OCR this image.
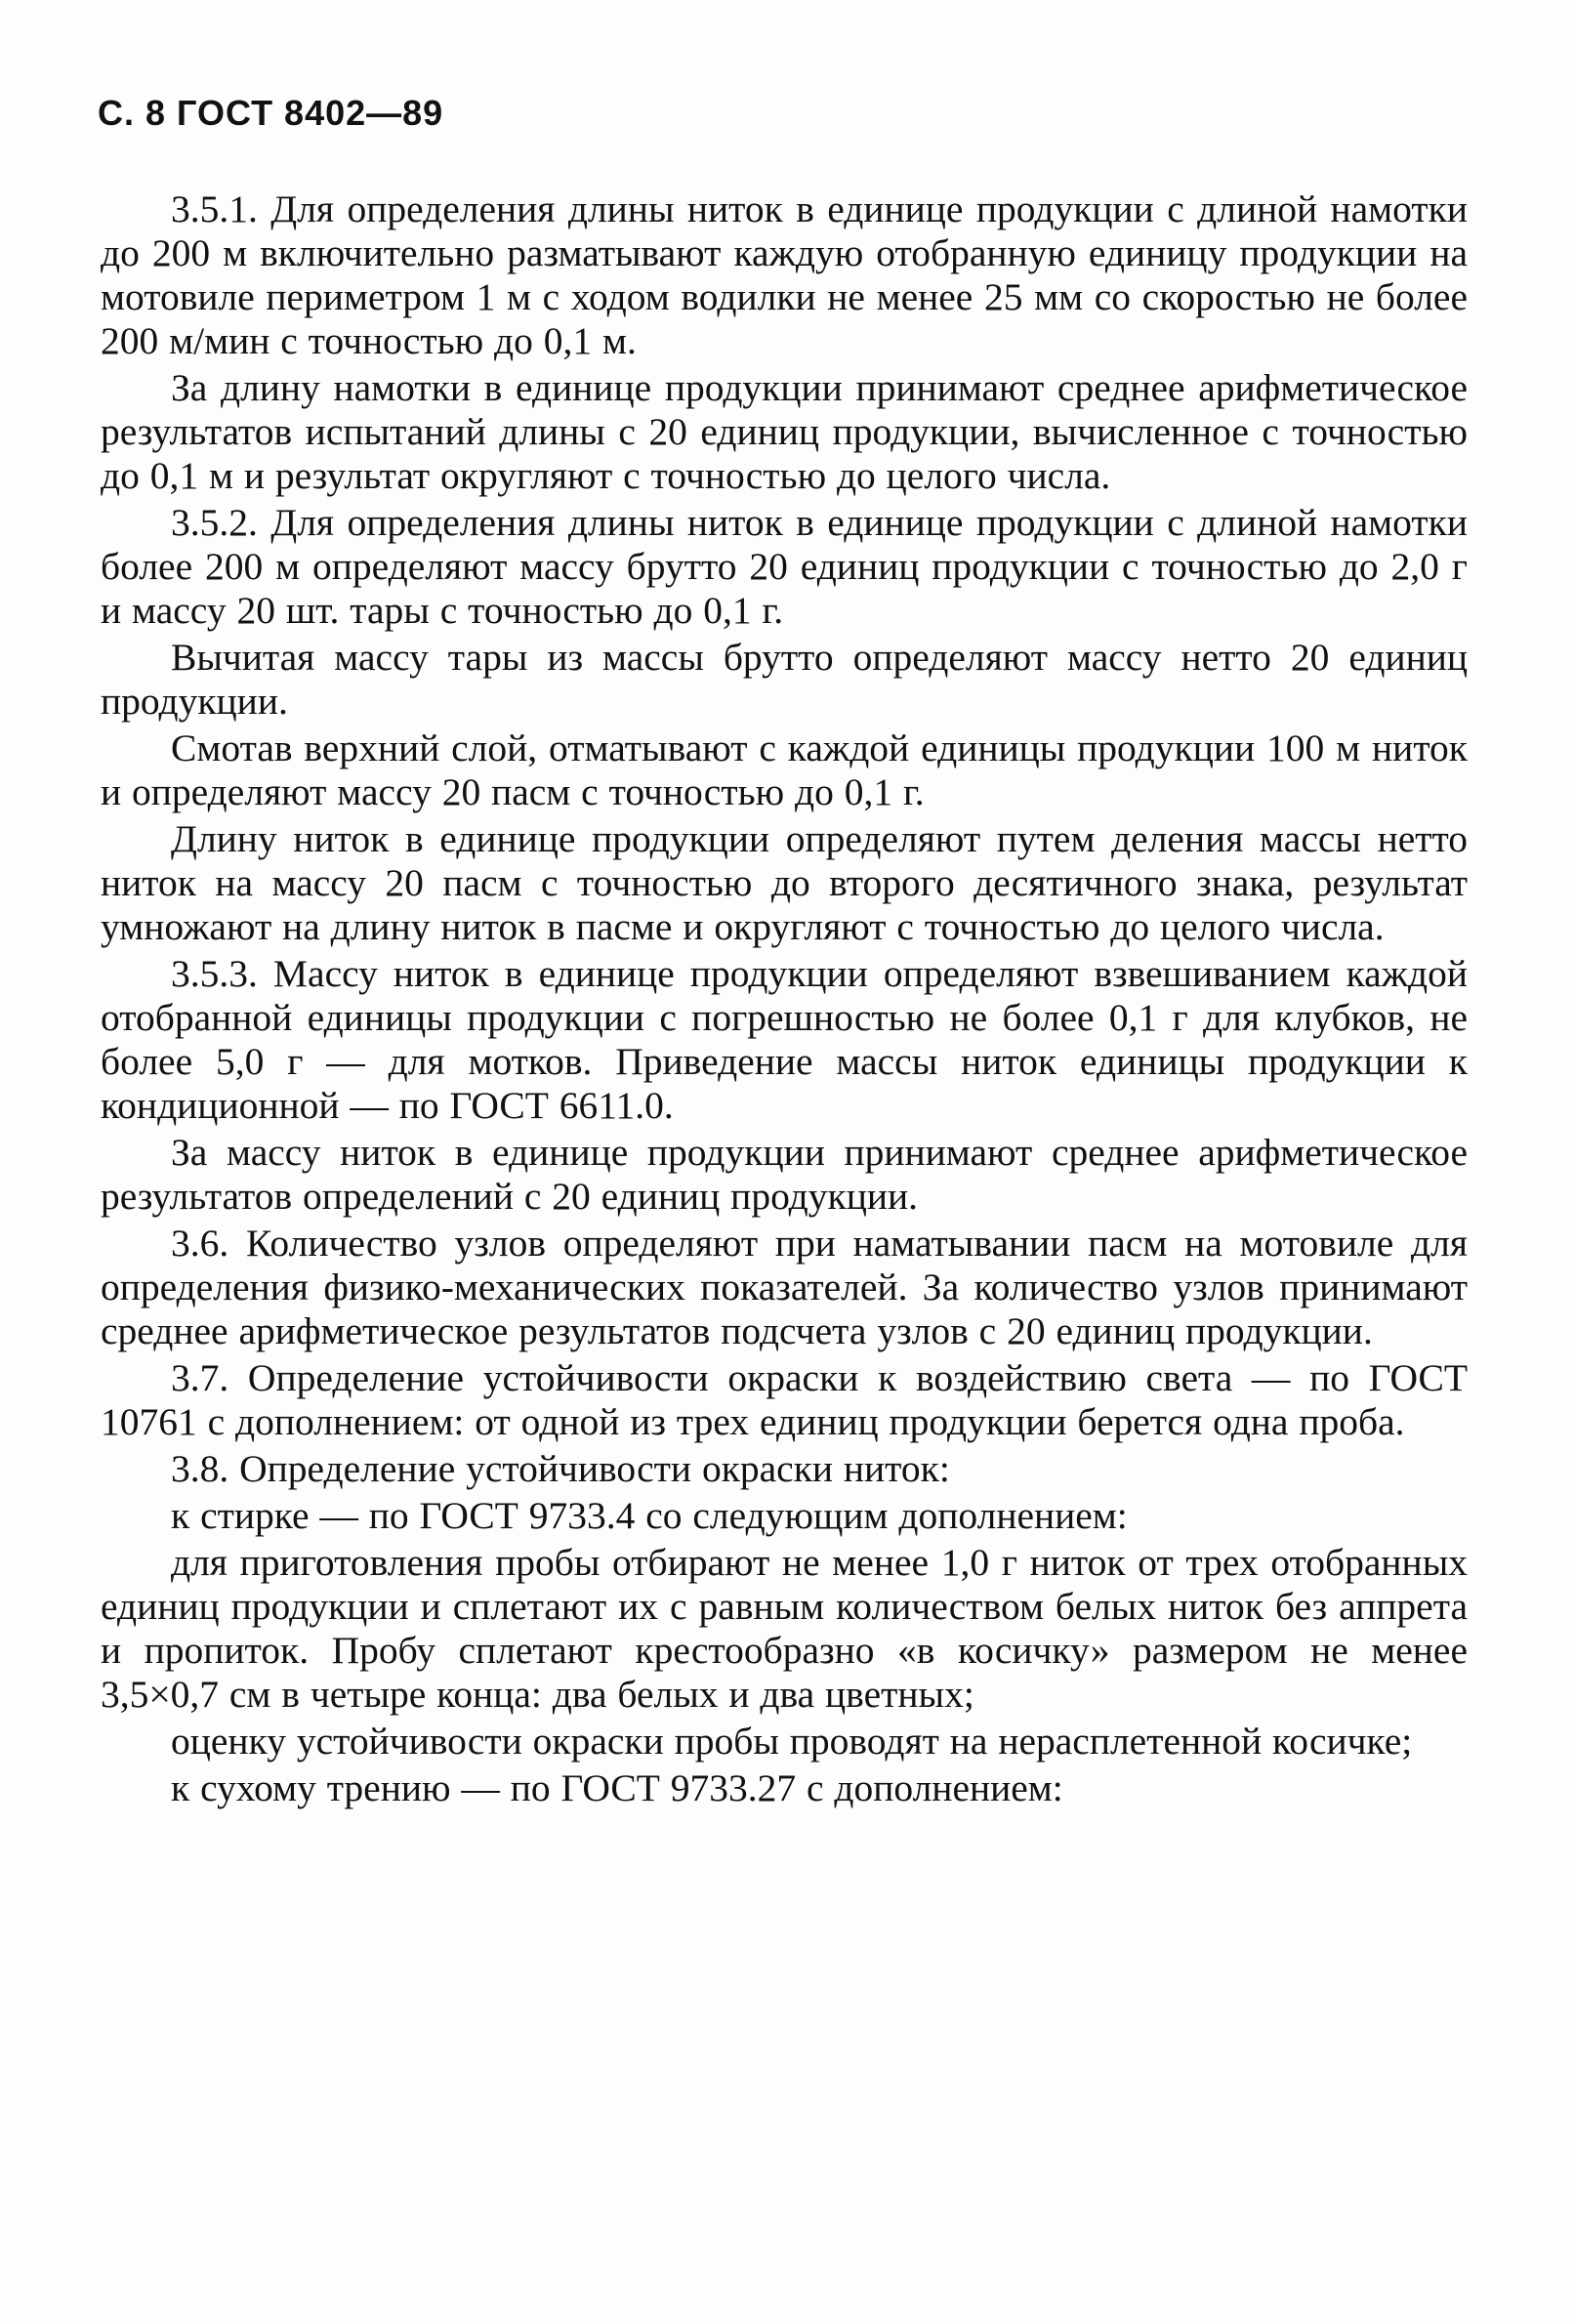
С. 8 ГОСТ 8402—89

3.5.1. Для определения длины ниток в единице продукции с длиной намотки до 200 м включительно разматывают каждую отобранную единицу продукции на мотовиле периметром 1 м с ходом водилки не менее 25 мм со скоростью не более 200 м/мин с точностью до 0,1 м.

За длину намотки в единице продукции принимают среднее арифметическое результатов испытаний длины с 20 единиц продукции, вычисленное с точностью до 0,1 м и результат округляют с точностью до целого числа.

3.5.2. Для определения длины ниток в единице продукции с длиной намотки более 200 м определяют массу брутто 20 единиц продукции с точностью до 2,0 г и массу 20 шт. тары с точностью до 0,1 г.

Вычитая массу тары из массы брутто определяют массу нетто 20 единиц продукции.

Смотав верхний слой, отматывают с каждой единицы продукции 100 м ниток и определяют массу 20 пасм с точностью до 0,1 г.

Длину ниток в единице продукции определяют путем деления массы нетто ниток на массу 20 пасм с точностью до второго десятичного знака, результат умножают на длину ниток в пасме и округляют с точностью до целого числа.

3.5.3. Массу ниток в единице продукции определяют взвешиванием каждой отобранной единицы продукции с погрешностью не более 0,1 г для клубков, не более 5,0 г — для мотков. Приведение массы ниток единицы продукции к кондиционной — по ГОСТ 6611.0.

За массу ниток в единице продукции принимают среднее арифметическое результатов определений с 20 единиц продукции.

3.6. Количество узлов определяют при наматывании пасм на мотовиле для определения физико-механических показателей. За количество узлов принимают среднее арифметическое результатов подсчета узлов с 20 единиц продукции.

3.7. Определение устойчивости окраски к воздействию света — по ГОСТ 10761 с дополнением: от одной из трех единиц продукции берется одна проба.

3.8. Определение устойчивости окраски ниток:

к стирке — по ГОСТ 9733.4 со следующим дополнением:

для приготовления пробы отбирают не менее 1,0 г ниток от трех отобранных единиц продукции и сплетают их с равным количеством белых ниток без аппрета и пропиток. Пробу сплетают крестообразно «в косичку» размером не менее 3,5×0,7 см в четыре конца: два белых и два цветных;

оценку устойчивости окраски пробы проводят на нерасплетенной косичке;

к сухому трению — по ГОСТ 9733.27 с дополнением:
